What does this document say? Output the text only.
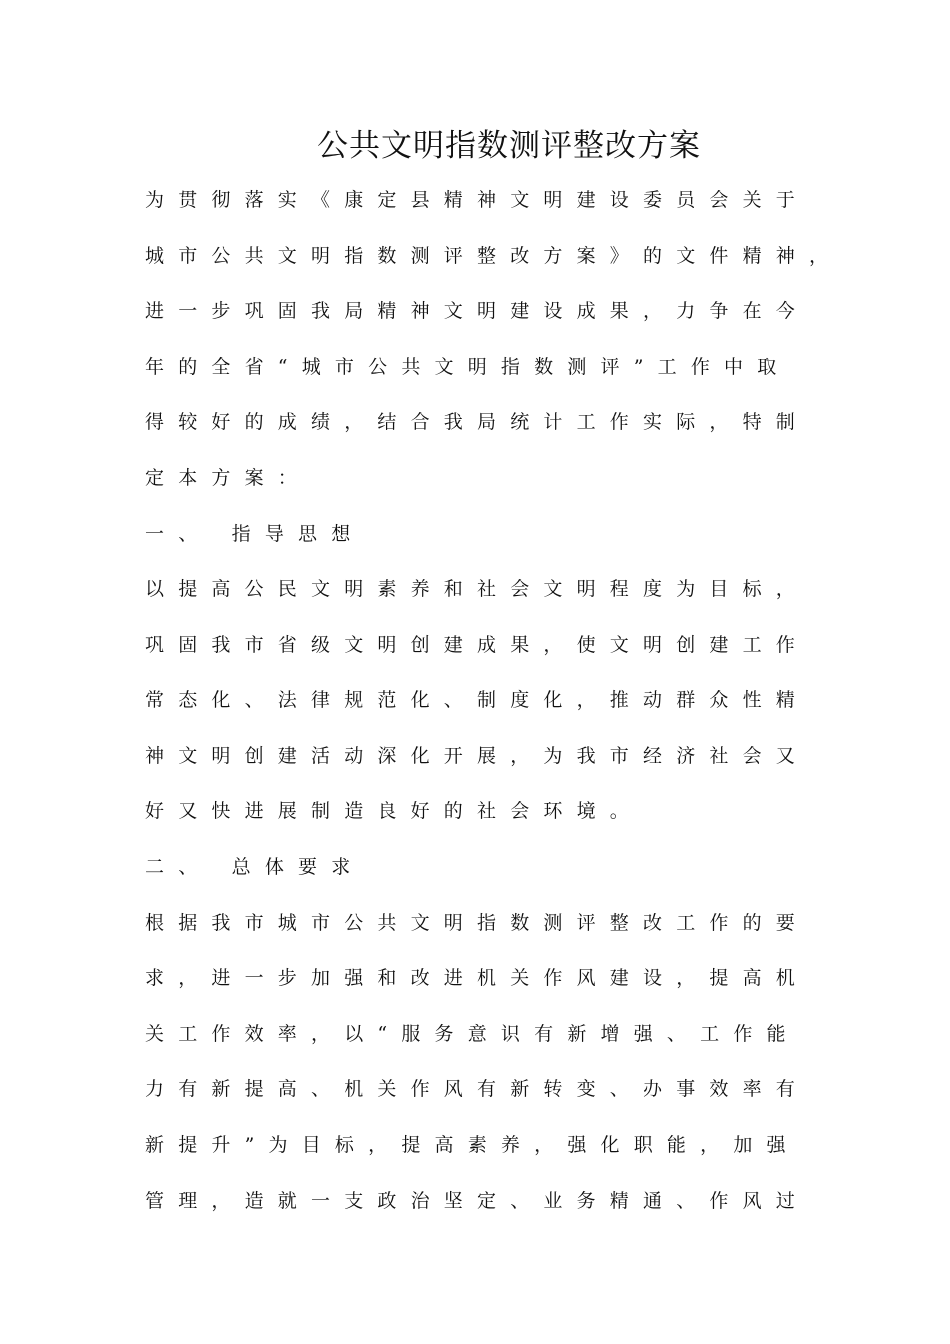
公共文明指数测评整改方案

为贯彻落实《康定县精神文明建设委员会关于

城市公共文明指数测评整改方案》的文件精神，

进一步巩固我局精神文明建设成果，力争在今

年的全省“城市公共文明指数测评”工作中取

得较好的成绩，结合我局统计工作实际，特制

定本方案：

一、 指导思想

以提高公民文明素养和社会文明程度为目标，

巩固我市省级文明创建成果，使文明创建工作

常态化、法律规范化、制度化，推动群众性精

神文明创建活动深化开展，为我市经济社会又

好又快进展制造良好的社会环境。

二、 总体要求

根据我市城市公共文明指数测评整改工作的要

求，进一步加强和改进机关作风建设，提高机

关工作效率，以“服务意识有新增强、工作能

力有新提高、机关作风有新转变、办事效率有

新提升”为目标，提高素养，强化职能，加强

管理，造就一支政治坚定、业务精通、作风过
